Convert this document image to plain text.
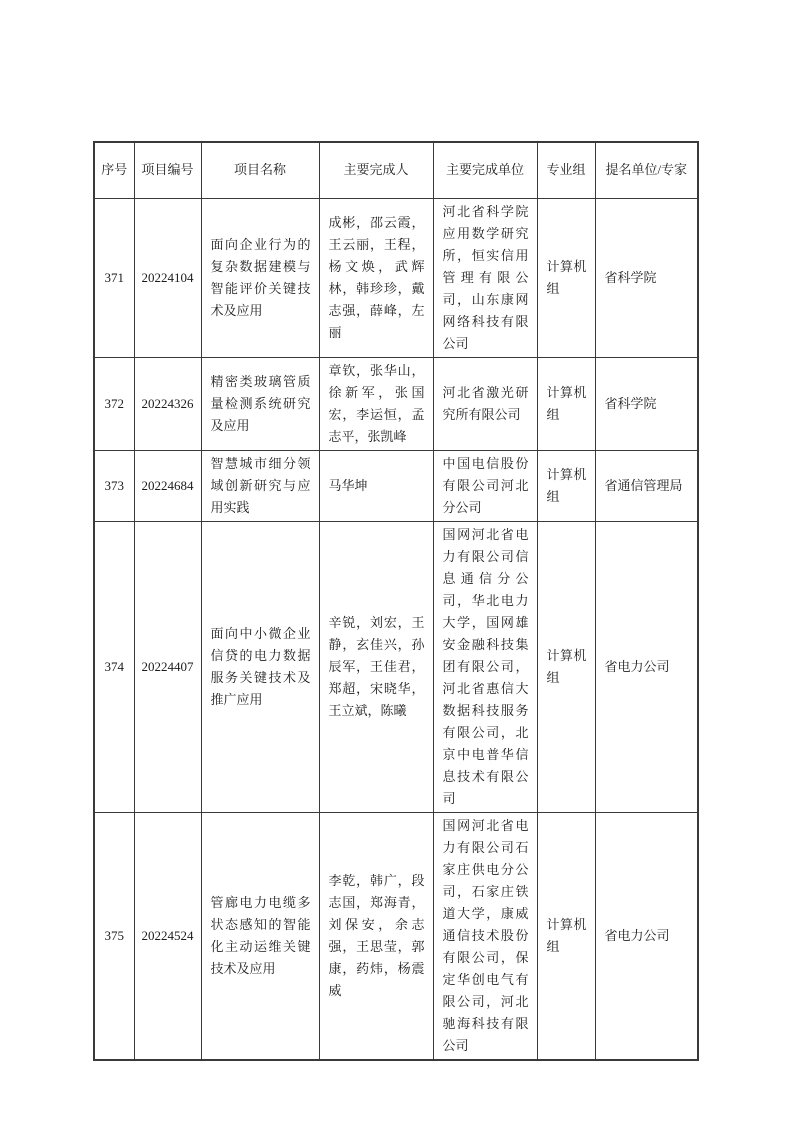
序号	项目编号	项目名称	主要完成人	主要完成单位	专业组	提名单位/专家
371	20224104	面向企业行为的复杂数据建模与智能评价关键技术及应用	成彬，邵云霞，王云丽，王程，杨文焕，武辉林，韩珍珍，戴志强，薛峰，左丽	河北省科学院应用数学研究所，恒实信用管理有限公司，山东康网网络科技有限公司	计算机组	省科学院
372	20224326	精密类玻璃管质量检测系统研究及应用	章钦，张华山，徐新军，张国宏，李运恒，孟志平，张凯峰	河北省激光研究所有限公司	计算机组	省科学院
373	20224684	智慧城市细分领域创新研究与应用实践	马华坤	中国电信股份有限公司河北分公司	计算机组	省通信管理局
374	20224407	面向中小微企业信贷的电力数据服务关键技术及推广应用	辛锐，刘宏，王静，玄佳兴，孙辰军，王佳君，郑超，宋晓华，王立斌，陈曦	国网河北省电力有限公司信息通信分公司，华北电力大学，国网雄安金融科技集团有限公司，河北省惠信大数据科技服务有限公司，北京中电普华信息技术有限公司	计算机组	省电力公司
375	20224524	管廊电力电缆多状态感知的智能化主动运维关键技术及应用	李乾，韩广，段志国，郑海青，刘保安，余志强，王思莹，郭康，药炜，杨震威	国网河北省电力有限公司石家庄供电分公司，石家庄铁道大学，康威通信技术股份有限公司，保定华创电气有限公司，河北驰海科技有限公司	计算机组	省电力公司
